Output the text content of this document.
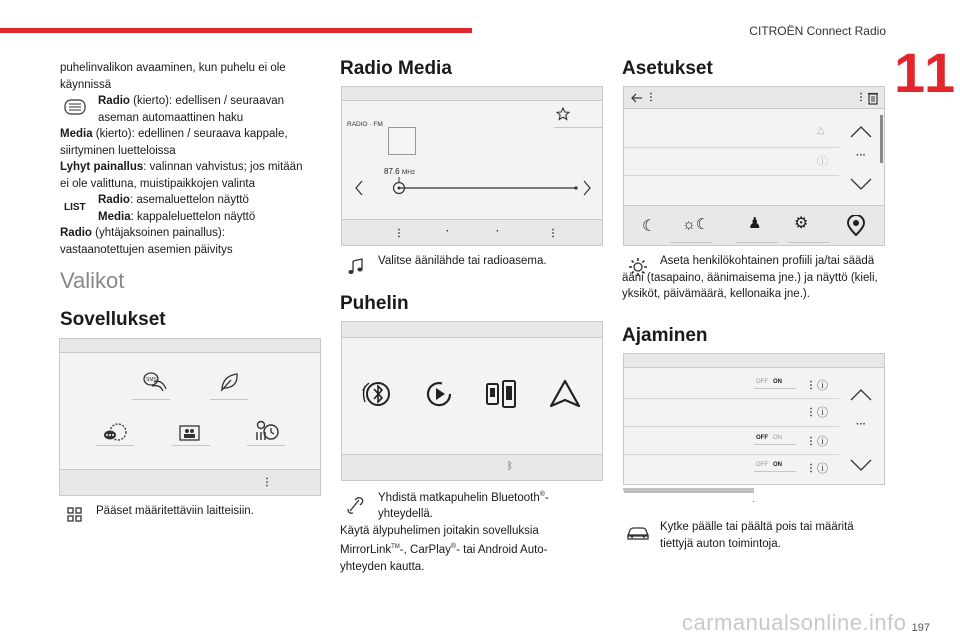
CITROËN Connect Radio
11
puhelinvalikon avaaminen, kun puhelu ei ole käynnissä
Radio (kierto): edellisen / seuraavan aseman automaattinen haku
Media (kierto): edellinen / seuraava kappale, siirtyminen luetteloissa
Lyhyt painallus: valinnan vahvistus; jos mitään ei ole valittuna, muistipaikkojen valinta
LIST
Radio: asemaluettelon näyttö
Media: kappaleluettelon näyttö
Radio (yhtäjaksoinen painallus): vastaanotettujen asemien päivitys
Valikot
Sovellukset
⋮
SMS
Pääset määritettäviin laitteisiin.
Radio Media
RADIO · FM
87.6 MHz
⋮	·	·	⋮
Valitse äänilähde tai radioasema.
Puhelin
ᛒ
Yhdistä matkapuhelin Bluetooth®-yhteydellä.
Käytä älypuhelimen joitakin sovelluksia MirrorLink™-, CarPlay®- tai Android Auto-yhteyden kautta.
Asetukset
⋮	⋮
△
ⓘ
···
☾ ☼☾	♟ ⚙
Aseta henkilökohtainen profiili ja/tai säädä ääni (tasapaino, äänimaisema jne.) ja näyttö (kieli, yksiköt, päivämäärä, kellonaika jne.).
Ajaminen
OFF ON
OFF ON
OFF ON
⋮ ⓘ
⋮ ⓘ
⋮ ⓘ
⋮ ⓘ
···
·
Kytke päälle tai päältä pois tai määritä tiettyjä auton toimintoja.
197
carmanualsonline.info
